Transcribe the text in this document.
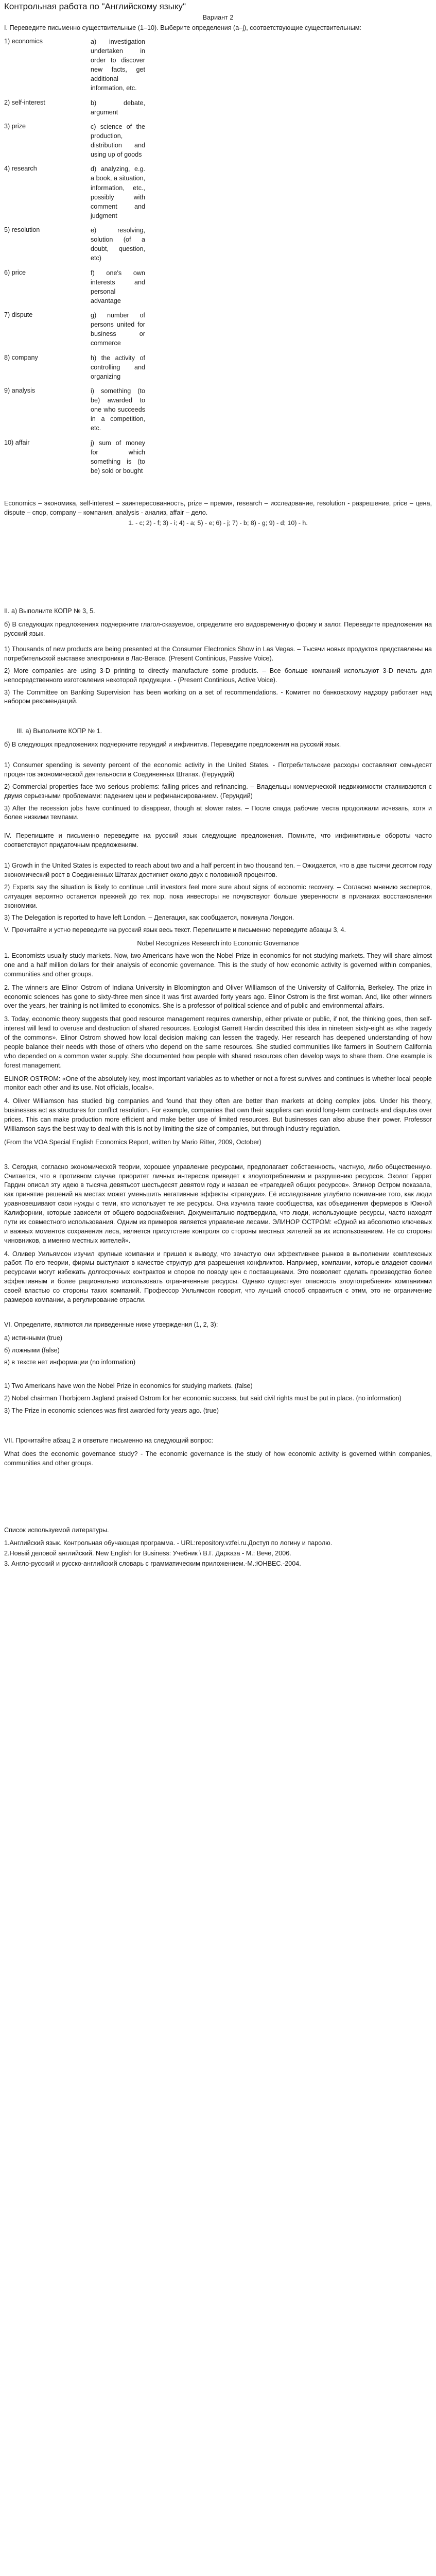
Контрольная работа по "Английскому языку"

Вариант 2

I. Перевeдите письменно существительные (1–10). Выберите определения (a–j), соответствующие существительным:

1) economics	a) investigation undertaken in order to discover new facts, get additional information, etc.
2) self-interest	b) debate, argument
3) prize	c) science of the production, distribution and using up of goods
4) research	d) analyzing, e.g. a book, a situation, information, etc., possibly with comment and judgment
5) resolution	e) resolving, solution (of a doubt, question, etc)
6) price	f) one's own interests and personal advantage
7) dispute	g) number of persons united for business or commerce
8) company	h) the activity of controlling and organizing
9) analysis	i) something (to be) awarded to one who succeeds in a competition, etc.
10) affair	j) sum of money for which something is (to be) sold or bought

Economics – экономика, self-interest – заинтересованность, prize – премия, research – исследование, resolution - разрешение, price – цена, dispute – спор, company – компания, analysis - анализ, affair – дело.

1. - c; 2) - f; 3) - i; 4) - a; 5) - e; 6) - j; 7) - b; 8) - g; 9) - d; 10) - h.

II. а) Выполните КОПР № 3, 5.

б) В следующих предложениях подчеркните глагол-сказуемое, определите его видовременную форму и залог. Переведите предложения на русский язык.

1) Thousands of new products are being presented at the Consumer Electronics Show in Las Vegas. – Тысячи новых продуктов представлены на потребительской выставке электроники в Лас-Вегасе. (Present Continious, Passive Voice).

2) More companies are using 3-D printing to directly manufacture some products. – Все больше компаний используют 3-D печать для непосредственного изготовления некоторой продукции. - (Present Continious, Active Voice).

3) The Committee on Banking Supervision has been working on a set of recommendations. - Комитет по банковскому надзору работает над набором рекомендаций.

III. а) Выполните КОПР № 1.

б) В следующих предложениях подчеркните герундий и инфинитив. Переведите предложения на русский язык.

1) Consumer spending is seventy percent of the economic activity in the United States. - Потребительские расходы составляют семьдесят процентов экономической деятельности в Соединенных Штатах. (Герундий)

2) Commercial properties face two serious problems: falling prices and refinancing. – Владельцы коммерческой недвижимости сталкиваются с двумя серьезными проблемами: падением цен и рефинансированием. (Герундий)

3) After the recession jobs have continued to disappear, though at slower rates. – После спада рабочие места продолжали исчезать, хотя и более низкими темпами.

IV. Перепишите и письменно переведите на русский язык следующие предложения. Помните, что инфинитивные обороты часто соответствуют придаточным предложениям.

1) Growth in the United States is expected to reach about two and a half percent in two thousand ten. – Ожидается, что в две тысячи десятом году экономический рост в Соединенных Штатах достигнет около двух с половиной процентов.

2) Experts say the situation is likely to continue until investors feel more sure about signs of economic recovery. – Согласно мнению экспертов, ситуация вероятно останется прежней до тех пор, пока инвесторы не почувствуют больше уверенности в признаках восстановления экономики.

3) The Delegation is reported to have left London. – Делегация, как сообщается, покинула Лондон.

V. Прочитайте и устно переведите на русский язык весь текст. Перепишите и письменно переведите абзацы 3, 4.

Nobel Recognizes Research into Economic Governance

1. Economists usually study markets. Now, two Americans have won the Nobel Prize in economics for not studying markets. They will share almost one and a half million dollars for their analysis of economic governance. This is the study of how economic activity is governed within companies, communities and other groups.

2. The winners are Elinor Ostrom of Indiana University in Bloomington and Oliver Williamson of the University of California, Berkeley. The prize in economic sciences has gone to sixty-three men since it was first awarded forty years ago. Elinor Ostrom is the first woman. And, like other winners over the years, her training is not limited to economics. She is a professor of political science and of public and environmental affairs.

3. Today, economic theory suggests that good resource management requires ownership, either private or public, if not, the thinking goes, then self-interest will lead to overuse and destruction of shared resources. Ecologist Garrett Hardin described this idea in nineteen sixty-eight as «the tragedy of the commons». Elinor Ostrom showed how local decision making can lessen the tragedy. Her research has deepened understanding of how people balance their needs with those of others who depend on the same resources. She studied communities like farmers in Southern California who depended on a common water supply. She documented how people with shared resources often develop ways to share them. One example is forest management.

ELINOR OSTROM: «One of the absolutely key, most important variables as to whether or not a forest survives and continues is whether local people monitor each other and its use. Not officials, locals».

4. Oliver Williamson has studied big companies and found that they often are better than markets at doing complex jobs. Under his theory, businesses act as structures for conflict resolution. For example, companies that own their suppliers can avoid long-term contracts and disputes over prices. This can make production more efficient and make better use of limited resources. But businesses can also abuse their power. Professor Williamson says the best way to deal with this is not by limiting the size of companies, but through industry regulation.

(From the VOA Special English Economics Report, written by Mario Ritter, 2009, October)

3. Сегодня, согласно экономической теории, хорошее управление ресурсами, предполагает собственность, частную, либо общественную. Считается, что в противном случае приоритет личных интересов приведет к злоупотреблениям и разрушению ресурсов. Эколог Гаррет Гардин описал эту идею в тысяча девятьсот шестьдесят девятом году и назвал ее «трагедией общих ресурсов». Элинор Остром показала, как принятие решений на местах может уменьшить негативные эффекты «трагедии». Её исследование углубило понимание того, как люди уравновешивают свои нужды с теми, кто использует те же ресурсы. Она изучила такие сообщества, как объединения фермеров в Южной Калифорнии, которые зависели от общего водоснабжения. Документально подтвердила, что люди, использующие ресурсы, часто находят пути их совместного использования. Одним из примеров является управление лесами. ЭЛИНОР ОСТРОМ: «Одной из абсолютно ключевых и важных моментов сохранения леса, является присутствие контроля со стороны местных жителей за их использованием. Не со стороны чиновников, а именно местных жителей».

4. Оливер Уильямсон изучил крупные компании и пришел к выводу, что зачастую они эффективнее рынков в выполнении комплексных работ. По его теории, фирмы выступают в качестве структур для разрешения конфликтов. Например, компании, которые владеют своими ресурсами могут избежать долгосрочных контрактов и споров по поводу цен с поставщиками. Это позволяет сделать производство более эффективным и более рационально использовать ограниченные ресурсы. Однако существует опасность злоупотребления компаниями своей властью со стороны таких компаний. Профессор Уильямсон говорит, что лучший способ справиться с этим, это не ограничение размеров компании, а регулирование отрасли.

VI. Определите, являются ли приведенные ниже утверждения (1, 2, 3):

а) истинными (true)

б) ложными (false)

в) в тексте нет информации (no information)

1) Two Americans have won the Nobel Prize in economics for studying markets. (false)

2) Nobel chairman Thorbjoern Jagland praised Ostrom for her economic success, but said civil rights must be put in place. (no information)

3) The Prize in economic sciences was first awarded forty years ago. (true)

VII. Прочитайте абзац 2 и ответьте письменно на следующий вопрос:

What does the economic governance study? - The economic governance is the study of how economic activity is governed within companies, communities and other groups.

Список используемой литературы.

1.Английский язык. Контрольная обучающая программа. - URL:repository.vzfei.ru.Доступ по логину и паролю.

2.Новый деловой английский. New English for Business: Учебник \ В.Г. Дарказа - М.: Вече, 2006.

3. Англо-русский и русско-английский словарь с грамматическим приложением.-М.:ЮНВЕС.-2004.
